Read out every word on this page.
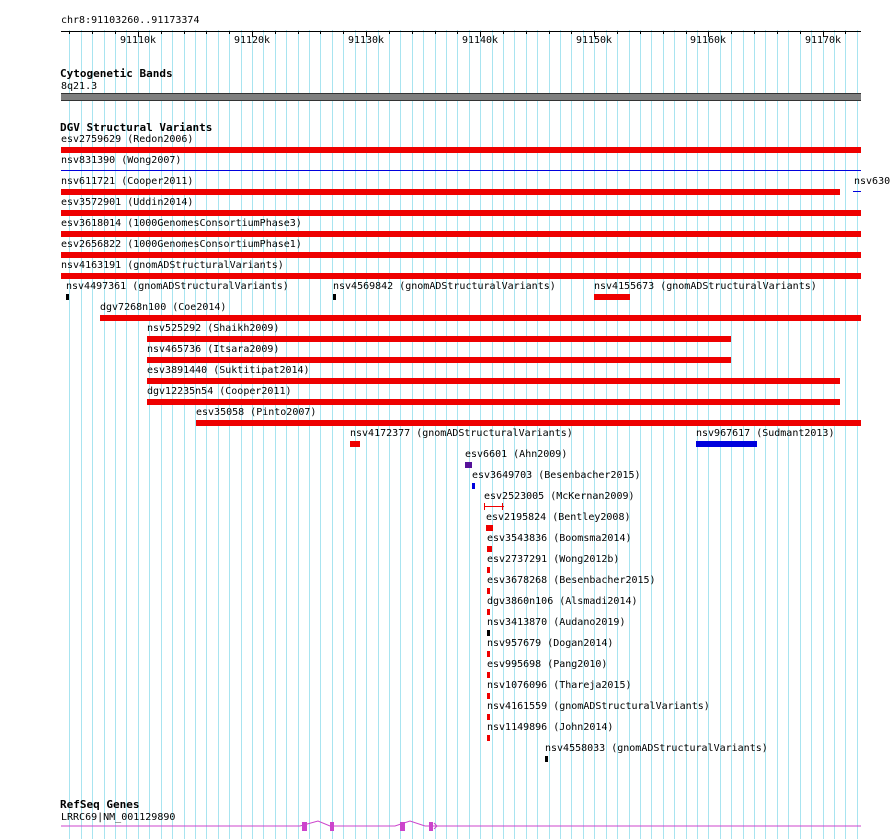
chr8:91103260..91173374
Cytogenetic Bands
8q21.3
DGV Structural Variants
esv2759629 (Redon2006)
nsv831390 (Wong2007)
nsv611721 (Cooper2011)	nsv630
esv3572901 (Uddin2014)
esv3618014 (1000GenomesConsortiumPhase3)
esv2656822 (1000GenomesConsortiumPhase1)
nsv4163191 (gnomADStructuralVariants)
nsv4497361 (gnomADStructuralVariants)	nsv4569842 (gnomADStructuralVariants)	nsv4155673 (gnomADStructuralVariants)
dgv7268n100 (Coe2014)
nsv525292 (Shaikh2009)
nsv465736 (Itsara2009)
esv3891440 (Suktitipat2014)
dgv12235n54 (Cooper2011)
esv35058 (Pinto2007)
nsv4172377 (gnomADStructuralVariants)	nsv967617 (Sudmant2013)
esv6601 (Ahn2009)
esv3649703 (Besenbacher2015)
esv2523005 (McKernan2009)
esv2195824 (Bentley2008)
esv3543836 (Boomsma2014)
esv2737291 (Wong2012b)
esv3678268 (Besenbacher2015)
dgv3860n106 (Alsmadi2014)
nsv3413870 (Audano2019)
nsv957679 (Dogan2014)
esv995698 (Pang2010)
nsv1076096 (Thareja2015)
nsv4161559 (gnomADStructuralVariants)
nsv1149896 (John2014)
nsv4558033 (gnomADStructuralVariants)
RefSeq Genes
LRRC69|NM_001129890
91110k	91120k	91130k	91140k	91150k	91160k	91170k
